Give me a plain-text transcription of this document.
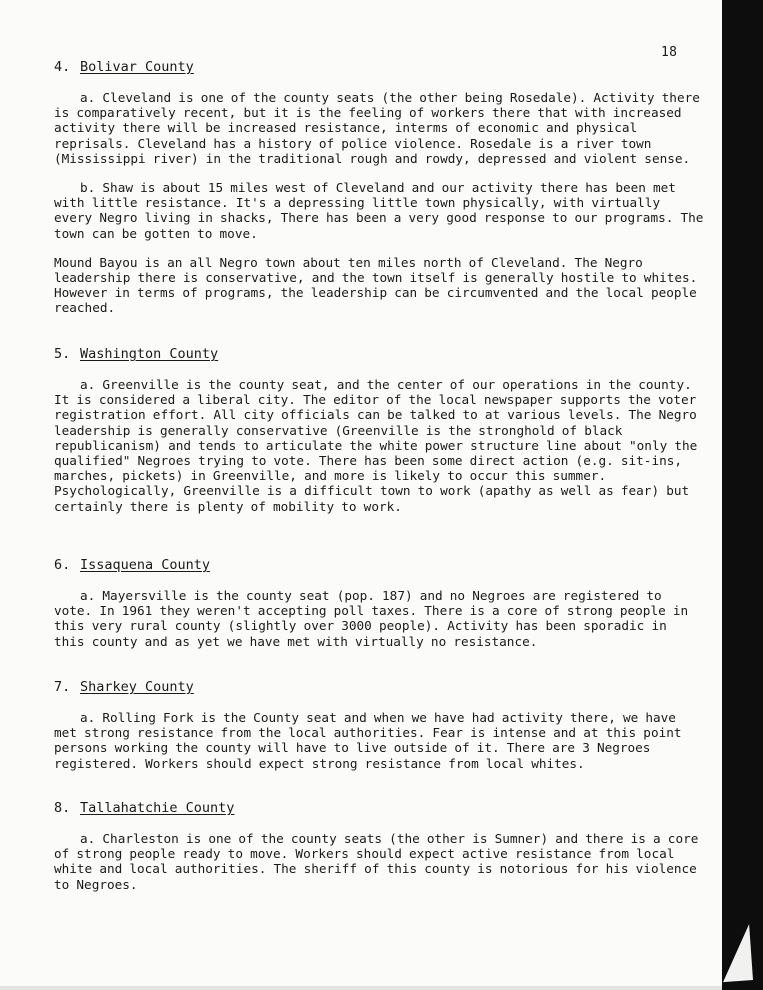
18
4. Bolivar County

a. Cleveland is one of the county seats (the other being Rosedale). Activity there is comparatively recent, but it is the feeling of workers there that with increased activity there will be increased resistance, interms of economic and physical reprisals. Cleveland has a history of police violence. Rosedale is a river town (Mississippi river) in the traditional rough and rowdy, depressed and violent sense.

b. Shaw is about 15 miles west of Cleveland and our activity there has been met with little resistance. It's a depressing little town physically, with virtually every Negro living in shacks, There has been a very good response to our programs. The town can be gotten to move.

Mound Bayou is an all Negro town about ten miles north of Cleveland. The Negro leadership there is conservative, and the town itself is generally hostile to whites. However in terms of programs, the leadership can be circumvented and the local people reached.

5. Washington County

a. Greenville is the county seat, and the center of our operations in the county. It is considered a liberal city. The editor of the local newspaper supports the voter registration effort. All city officials can be talked to at various levels. The Negro leadership is generally conservative (Greenville is the stronghold of black republicanism) and tends to articulate the white power structure line about "only the qualified" Negroes trying to vote. There has been some direct action (e.g. sit-ins, marches, pickets) in Greenville, and more is likely to occur this summer. Psychologically, Greenville is a difficult town to work (apathy as well as fear) but certainly there is plenty of mobility to work.

6. Issaquena County

a. Mayersville is the county seat (pop. 187) and no Negroes are registered to vote. In 1961 they weren't accepting poll taxes. There is a core of strong people in this very rural county (slightly over 3000 people). Activity has been sporadic in this county and as yet we have met with virtually no resistance.

7. Sharkey County

a. Rolling Fork is the County seat and when we have had activity there, we have met strong resistance from the local authorities. Fear is intense and at this point persons working the county will have to live outside of it. There are 3 Negroes registered. Workers should expect strong resistance from local whites.

8. Tallahatchie County

a. Charleston is one of the county seats (the other is Sumner) and there is a core of strong people ready to move. Workers should expect active resistance from local white and local authorities. The sheriff of this county is notorious for his violence to Negroes.
